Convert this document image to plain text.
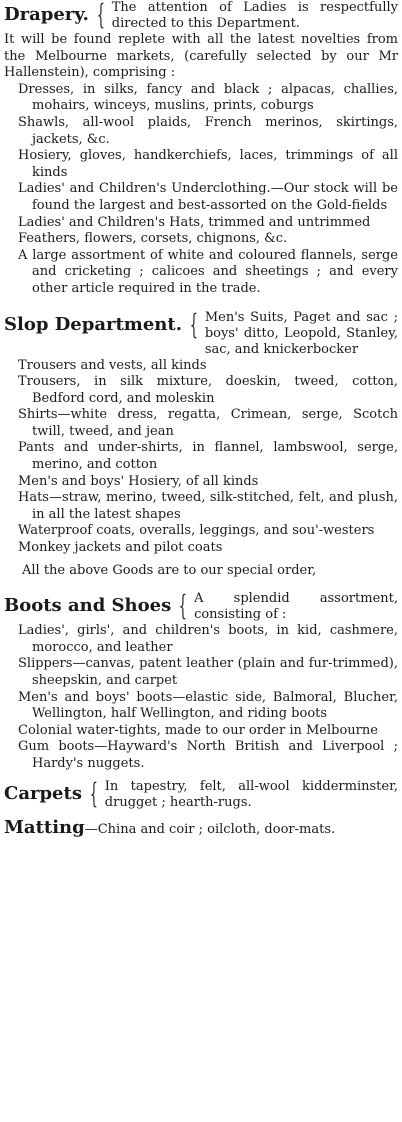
Drapery. { The attention of Ladies is respectfully directed to this Department.

It will be found replete with all the latest novelties from the Melbourne markets, (carefully selected by our Mr Hallenstein), comprising :

Dresses, in silks, fancy and black ; alpacas, challies, mohairs, winceys, muslins, prints, coburgs
Shawls, all-wool plaids, French merinos, skirtings, jackets, &c.
Hosiery, gloves, handkerchiefs, laces, trimmings of all kinds
Ladies' and Children's Underclothing.—Our stock will be found the largest and best-assorted on the Gold-fields
Ladies' and Children's Hats, trimmed and untrimmed
Feathers, flowers, corsets, chignons, &c.
A large assortment of white and coloured flannels, serge and cricketing ; calicoes and sheetings ; and every other article required in the trade.
Slop Department. { Men's Suits, Paget and sac ; boys' ditto, Leopold, Stanley, sac, and knickerbocker
Trousers and vests, all kinds
Trousers, in silk mixture, doeskin, tweed, cotton, Bedford cord, and moleskin
Shirts—white dress, regatta, Crimean, serge, Scotch twill, tweed, and jean
Pants and under-shirts, in flannel, lambswool, serge, merino, and cotton
Men's and boys' Hosiery, of all kinds
Hats—straw, merino, tweed, silk-stitched, felt, and plush, in all the latest shapes
Waterproof coats, overalls, leggings, and sou'-westers
Monkey jackets and pilot coats

All the above Goods are to our special order,

Boots and Shoes { A splendid assortment, consisting of :
Ladies', girls', and children's boots, in kid, cashmere, morocco, and leather
Slippers—canvas, patent leather (plain and fur-trimmed), sheepskin, and carpet
Men's and boys' boots—elastic side, Balmoral, Blucher, Wellington, half Wellington, and riding boots
Colonial water-tights, made to our order in Melbourne
Gum boots—Hayward's North British and Liverpool ; Hardy's nuggets.
Carpets { In tapestry, felt, all-wool kidderminster, drugget ; hearth-rugs.

Matting—China and coir ; oilcloth, door-mats.
